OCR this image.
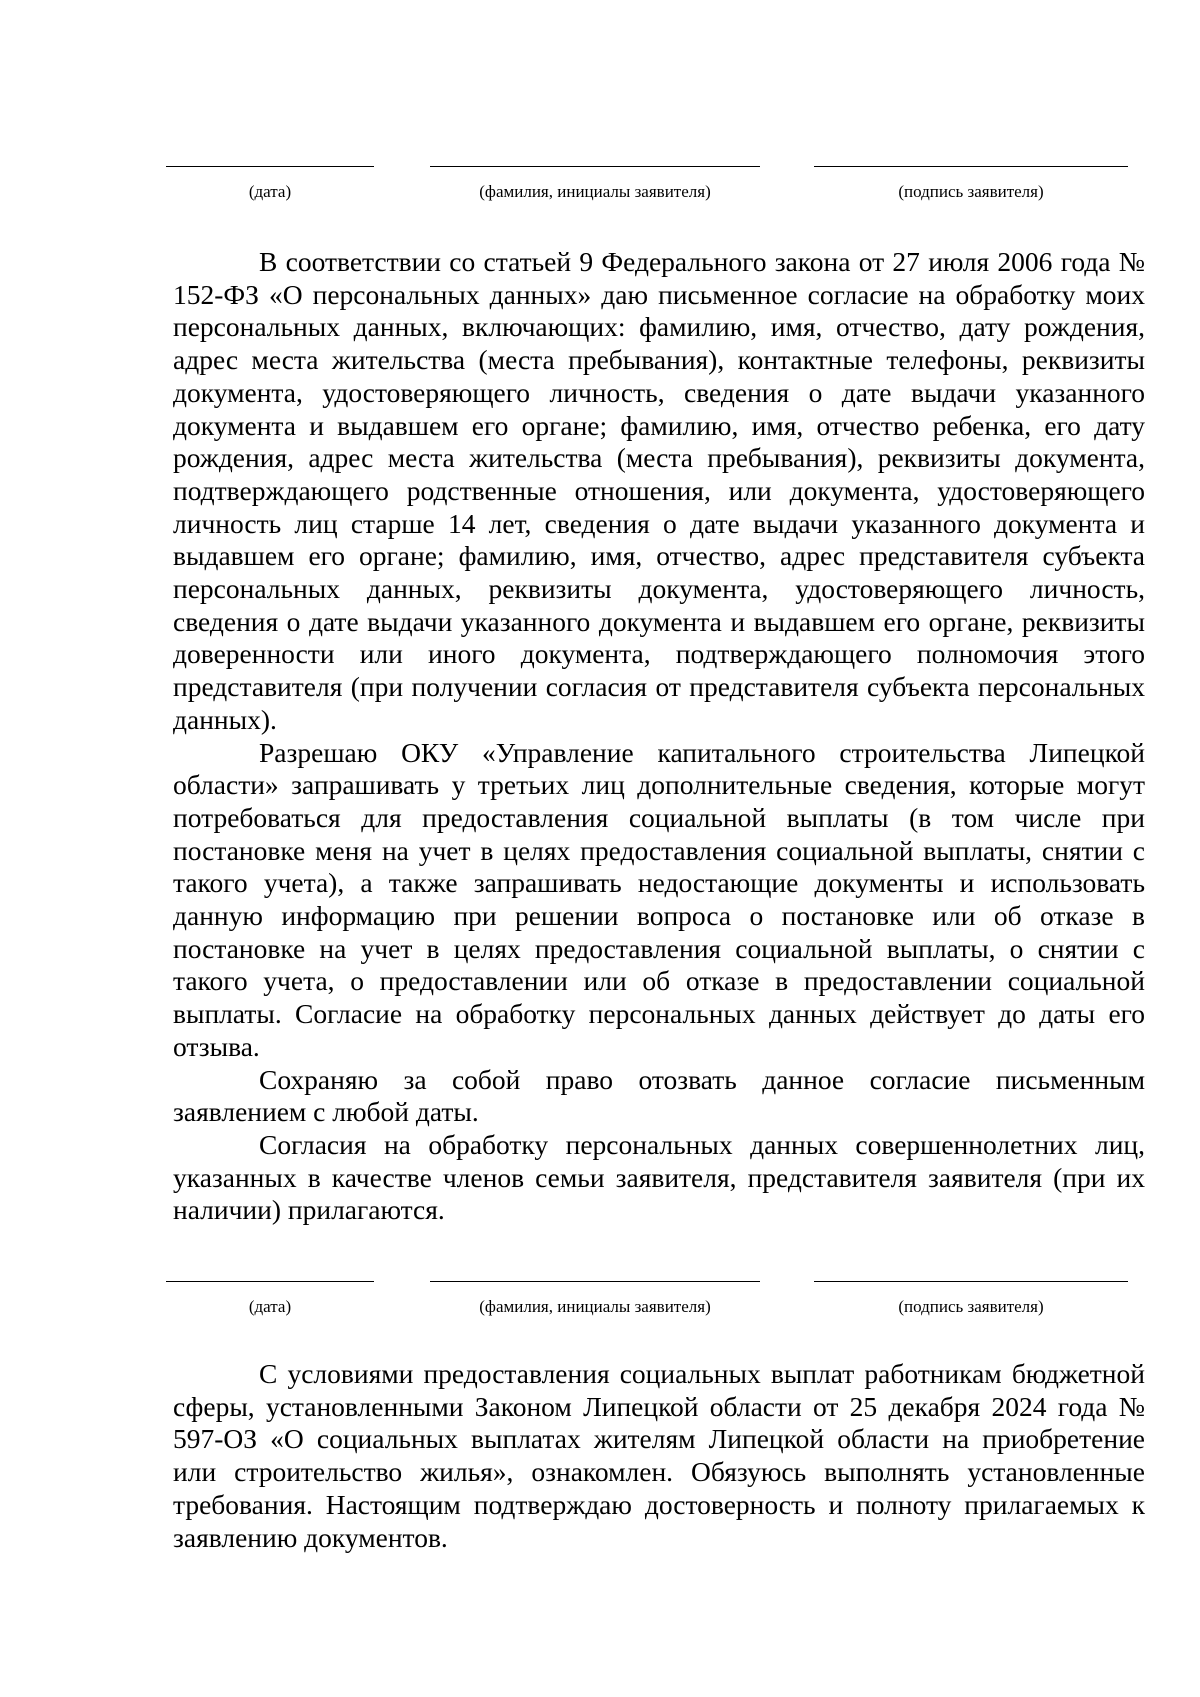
(дата)	(фамилия, инициалы заявителя)	(подпись заявителя)

В соответствии со статьей 9 Федерального закона от 27 июля 2006 года № 152-ФЗ «О персональных данных» даю письменное согласие на обработку моих персональных данных, включающих: фамилию, имя, отчество, дату рождения, адрес места жительства (места пребывания), контактные телефоны, реквизиты документа, удостоверяющего личность, сведения о дате выдачи указанного документа и выдавшем его органе; фамилию, имя, отчество ребенка, его дату рождения, адрес места жительства (места пребывания), реквизиты документа, подтверждающего родственные отношения, или документа, удостоверяющего личность лиц старше 14 лет, сведения о дате выдачи указанного документа и выдавшем его органе; фамилию, имя, отчество, адрес представителя субъекта персональных данных, реквизиты документа, удостоверяющего личность, сведения о дате выдачи указанного документа и выдавшем его органе, реквизиты доверенности или иного документа, подтверждающего полномочия этого представителя (при получении согласия от представителя субъекта персональных данных).

Разрешаю ОКУ «Управление капитального строительства Липецкой области» запрашивать у третьих лиц дополнительные сведения, которые могут потребоваться для предоставления социальной выплаты (в том числе при постановке меня на учет в целях предоставления социальной выплаты, снятии с такого учета), а также запрашивать недостающие документы и использовать данную информацию при решении вопроса о постановке или об отказе в постановке на учет в целях предоставления социальной выплаты, о снятии с такого учета, о предоставлении или об отказе в предоставлении социальной выплаты. Согласие на обработку персональных данных действует до даты его отзыва.

Сохраняю за собой право отозвать данное согласие письменным заявлением с любой даты.

Согласия на обработку персональных данных совершеннолетних лиц, указанных в качестве членов семьи заявителя, представителя заявителя (при их наличии) прилагаются.

(дата)	(фамилия, инициалы заявителя)	(подпись заявителя)

С условиями предоставления социальных выплат работникам бюджетной сферы, установленными Законом Липецкой области от 25 декабря 2024 года № 597-ОЗ «О социальных выплатах жителям Липецкой области на приобретение или строительство жилья», ознакомлен. Обязуюсь выполнять установленные требования. Настоящим подтверждаю достоверность и полноту прилагаемых к заявлению документов.
